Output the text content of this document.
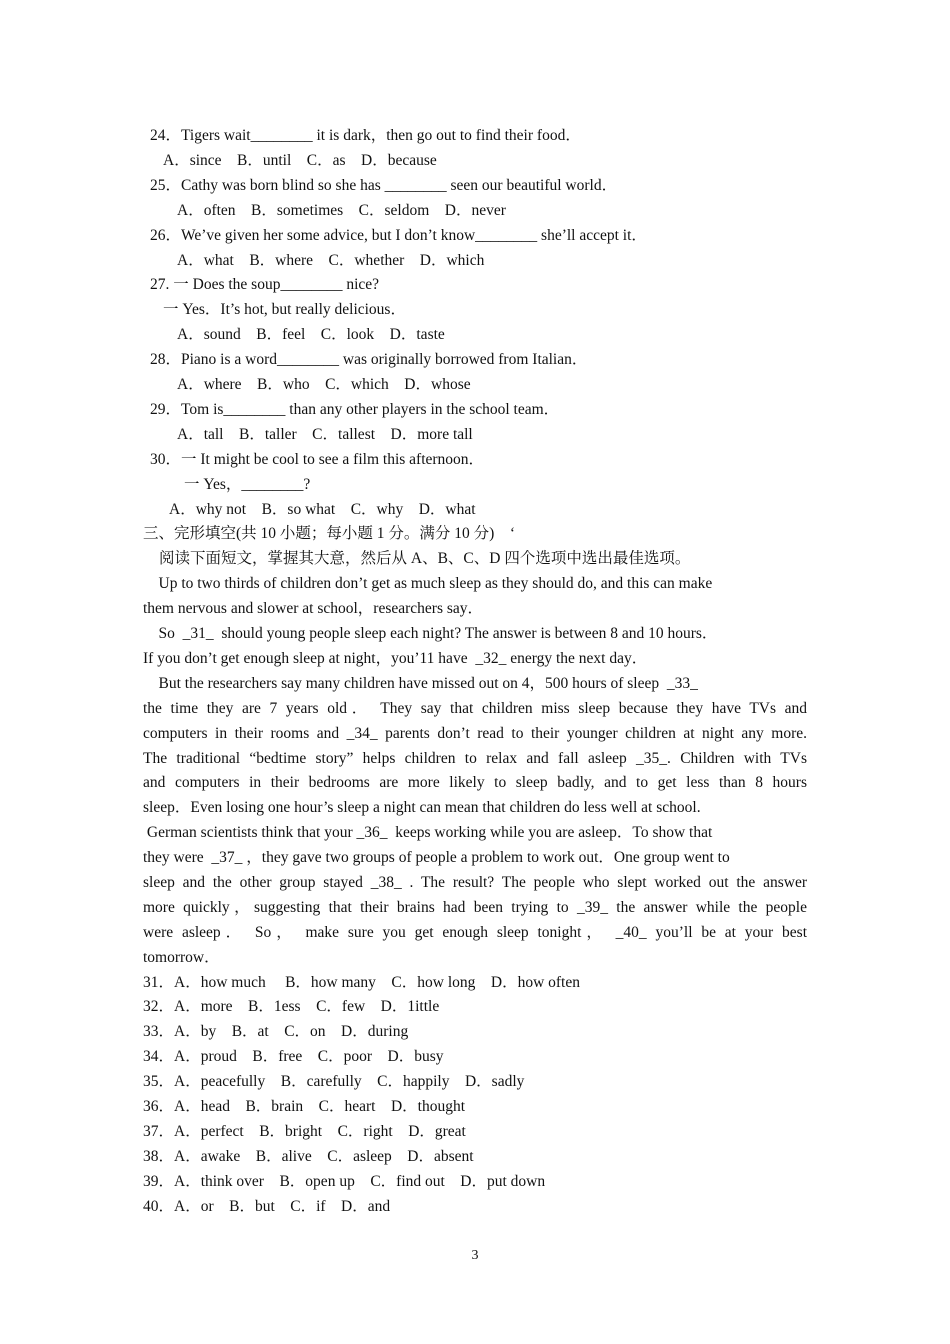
24．Tigers wait________ it is dark，then go out to find their food．
A．since　B．until　C．as　D．because
25．Cathy was born blind so she has ________ seen our beautiful world．
A．often　B．sometimes　C．seldom　D．never
26．We’ve given her some advice, but I don’t know________ she’ll accept it．
A．what　B．where　C．whether　D．which
27. 一 Does the soup________ nice?
一 Yes．It’s hot, but really delicious．
A．sound　B．feel　C．look　D．taste
28．Piano is a word________ was originally borrowed from Italian．
A．where　B．who　C．which　D．whose
29．Tom is________ than any other players in the school team．
A．tall　B．taller　C．tallest　D．more tall
30．一 It might be cool to see a film this afternoon．
一 Yes，________?
A．why not　B．so what　C．why　D．what
三、完形填空(共 10 小题；每小题 1 分。满分 10 分)　‘
阅读下面短文，掌握其大意，然后从 A、B、C、D 四个选项中选出最佳选项。
　Up to two thirds of children don’t get as much sleep as they should do, and this can make
them nervous and slower at school，researchers say．
　So  _31_  should young people sleep each night? The answer is between 8 and 10 hours．
If you don’t get enough sleep at night，you’11 have  _32_ energy the next day．
　But the researchers say many children have missed out on 4，500 hours of sleep  _33_
the time they are 7 years old． They say that children miss sleep because they have TVs and
computers in their rooms and _34_ parents don’t read to their younger children at night any more.
The traditional “bedtime story” helps children to relax and fall asleep _35_. Children with TVs
and computers in their bedrooms are more likely to sleep badly, and to get less than 8 hours
sleep．Even losing one hour’s sleep a night can mean that children do less well at school.
German scientists think that your _36_  keeps working while you are asleep．To show that
they were  _37_ ，they gave two groups of people a problem to work out．One group went to
sleep and the other group stayed _38_ . The result? The people who slept worked out the answer
more quickly，suggesting that their brains had been trying to _39_ the answer while the people
were asleep． So， make sure you get enough sleep tonight， _40_ you’ll be at your best
tomorrow．
31．A．how much　 B．how many　C．how long　D．how often
32．A．more　B．1ess　C．few　D．1ittle
33．A．by　B．at　C．on　D．during
34．A．proud　B．free　C．poor　D．busy
35．A．peacefully　B．carefully　C．happily　D．sadly
36．A．head　B．brain　C．heart　D．thought
37．A．perfect　B．bright　C．right　D．great
38．A．awake　B．alive　C．asleep　D．absent
39．A．think over　B．open up　C．find out　D．put down
40．A．or　B．but　C．if　D．and
3
